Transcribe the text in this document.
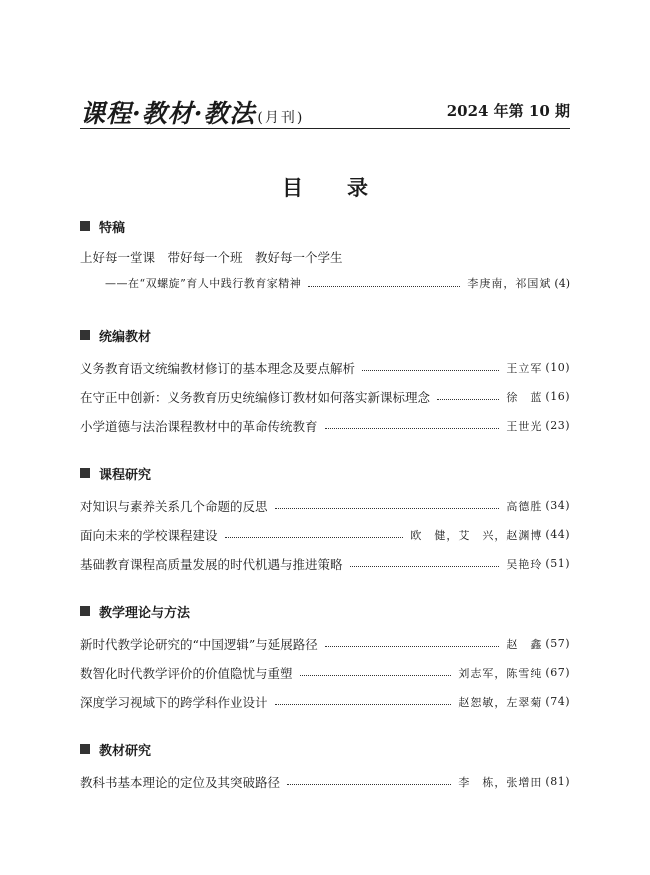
课程·教材·教法 (月刊)	2024 年第 10 期
目录
特稿
上好每一堂课　带好每一个班　教好每一个学生
——在“双螺旋”育人中践行教育家精神	李庚南，祁国斌 (4)
统编教材
义务教育语文统编教材修订的基本理念及要点解析	王立军 (10)
在守正中创新：义务教育历史统编修订教材如何落实新课标理念	徐　蓝 (16)
小学道德与法治课程教材中的革命传统教育	王世光 (23)
课程研究
对知识与素养关系几个命题的反思	高德胜 (34)
面向未来的学校课程建设	欧　健，艾　兴，赵渊博 (44)
基础教育课程高质量发展的时代机遇与推进策略	吴艳玲 (51)
教学理论与方法
新时代教学论研究的“中国逻辑”与延展路径	赵　鑫 (57)
数智化时代教学评价的价值隐忧与重塑	刘志军，陈雪纯 (67)
深度学习视域下的跨学科作业设计	赵恕敏，左翠菊 (74)
教材研究
教科书基本理论的定位及其突破路径	李　栋，张增田 (81)
